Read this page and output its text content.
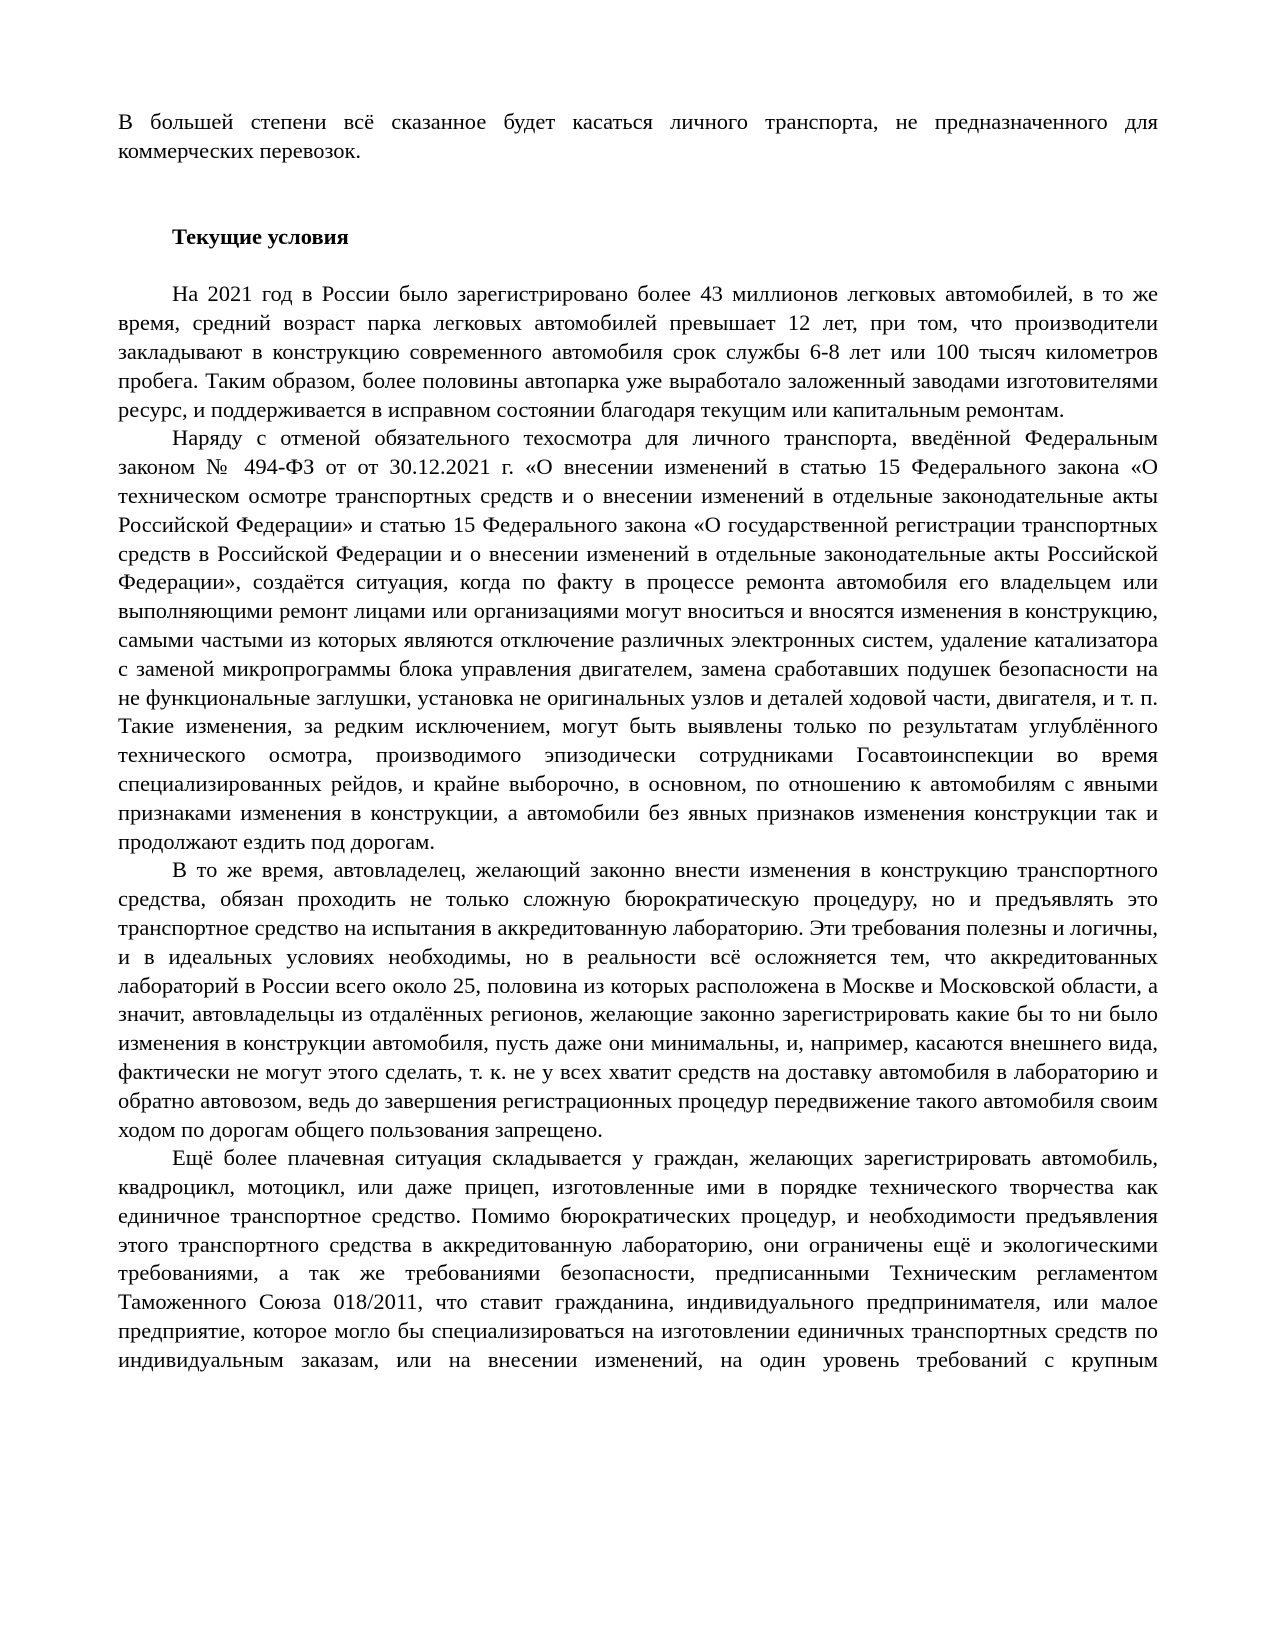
В большей степени всё сказанное будет касаться личного транспорта, не предназначенного для коммерческих перевозок.

Текущие условия

На 2021 год в России было зарегистрировано более 43 миллионов легковых автомобилей, в то же время, средний возраст парка легковых автомобилей превышает 12 лет, при том, что производители закладывают в конструкцию современного автомобиля срок службы 6-8 лет или 100 тысяч километров пробега. Таким образом, более половины автопарка уже выработало заложенный заводами изготовителями ресурс, и поддерживается в исправном состоянии благодаря текущим или капитальным ремонтам.

Наряду с отменой обязательного техосмотра для личного транспорта, введённой Федеральным законом № 494-ФЗ от от 30.12.2021 г. «О внесении изменений в статью 15 Федерального закона «О техническом осмотре транспортных средств и о внесении изменений в отдельные законодательные акты Российской Федерации» и статью 15 Федерального закона «О государственной регистрации транспортных средств в Российской Федерации и о внесении изменений в отдельные законодательные акты Российской Федерации», создаётся ситуация, когда по факту в процессе ремонта автомобиля его владельцем или выполняющими ремонт лицами или организациями могут вноситься и вносятся изменения в конструкцию, самыми частыми из которых являются отключение различных электронных систем, удаление катализатора с заменой микропрограммы блока управления двигателем, замена сработавших подушек безопасности на не функциональные заглушки, установка не оригинальных узлов и деталей ходовой части, двигателя, и т. п. Такие изменения, за редким исключением, могут быть выявлены только по результатам углублённого технического осмотра, производимого эпизодически сотрудниками Госавтоинспекции во время специализированных рейдов, и крайне выборочно, в основном, по отношению к автомобилям с явными признаками изменения в конструкции, а автомобили без явных признаков изменения конструкции так и продолжают ездить под дорогам.

В то же время, автовладелец, желающий законно внести изменения в конструкцию транспортного средства, обязан проходить не только сложную бюрократическую процедуру, но и предъявлять это транспортное средство на испытания в аккредитованную лабораторию. Эти требования полезны и логичны, и в идеальных условиях необходимы, но в реальности всё осложняется тем, что аккредитованных лабораторий в России всего около 25, половина из которых расположена в Москве и Московской области, а значит, автовладельцы из отдалённых регионов, желающие законно зарегистрировать какие бы то ни было изменения в конструкции автомобиля, пусть даже они минимальны, и, например, касаются внешнего вида, фактически не могут этого сделать, т. к. не у всех хватит средств на доставку автомобиля в лабораторию и обратно автовозом, ведь до завершения регистрационных процедур передвижение такого автомобиля своим ходом по дорогам общего пользования запрещено.

Ещё более плачевная ситуация складывается у граждан, желающих зарегистрировать автомобиль, квадроцикл, мотоцикл, или даже прицеп, изготовленные ими в порядке технического творчества как единичное транспортное средство. Помимо бюрократических процедур, и необходимости предъявления этого транспортного средства в аккредитованную лабораторию, они ограничены ещё и экологическими требованиями, а так же требованиями безопасности, предписанными Техническим регламентом Таможенного Союза 018/2011, что ставит гражданина, индивидуального предпринимателя, или малое предприятие, которое могло бы специализироваться на изготовлении единичных транспортных средств по индивидуальным заказам, или на внесении изменений, на один уровень требований с крупным
